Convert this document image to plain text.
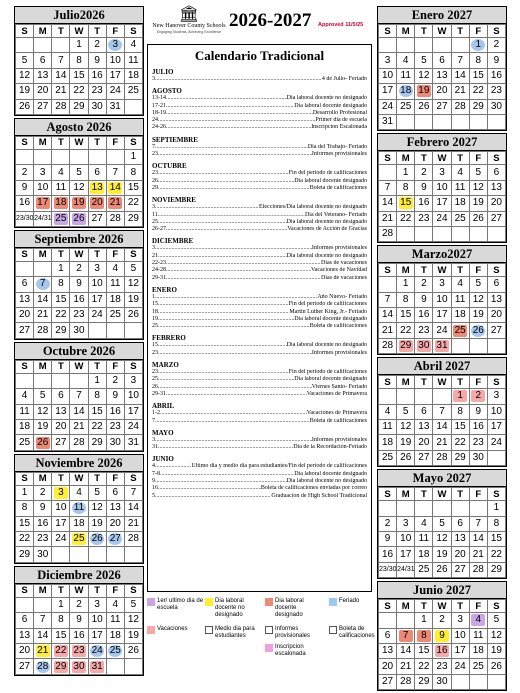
🏛
New Hanover County Schools
Engaging Students, Achieving Excellence
2026-2027 Approved 11/5/25
Julio2026
S	M	T	W	T	F	S
			1	2	3	4
5	6	7	8	9	10	11
12	13	14	15	16	17	18
19	20	21	22	23	24	25
26	27	28	29	30	31	
Agosto 2026
S	M	T	W	T	F	S
						1
2	3	4	5	6	7	8
9	10	11	12	13	14	15
16	17	18	19	20	21	22
23/30	24/31	25	26	27	28	29
Septiembre 2026
S	M	T	W	T	F	S
		1	2	3	4	5
6	7	8	9	10	11	12
13	14	15	16	17	18	19
20	21	22	23	24	25	26
27	28	29	30			
Octubre 2026
S	M	T	W	T	F	S
				1	2	3
4	5	6	7	8	9	10
11	12	13	14	15	16	17
18	19	20	21	22	23	24
25	26	27	28	29	30	31
Noviembre 2026
S	M	T	W	T	F	S
1	2	3	4	5	6	7
8	9	10	11	12	13	14
15	16	17	18	19	20	21
22	23	24	25	26	27	28
29	30					
Diciembre 2026
S	M	T	W	T	F	S
		1	2	3	4	5
6	7	8	9	10	11	12
13	14	15	16	17	18	19
20	21	22	23	24	25	26
27	28	29	30	31		
Enero 2027
S	M	T	W	T	F	S
					1	2
3	4	5	6	7	8	9
10	11	12	13	14	15	16
17	18	19	20	21	22	23
24	25	26	27	28	29	30
31						
Febrero 2027
S	M	T	W	T	F	S
	1	2	3	4	5	6
7	8	9	10	11	12	13
14	15	16	17	18	19	20
21	22	23	24	25	26	27
28						
Marzo2027
S	M	T	W	T	F	S
	1	2	3	4	5	6
7	8	9	10	11	12	13
14	15	16	17	18	19	20
21	22	23	24	25	26	27
28	29	30	31			
Abril 2027
S	M	T	W	T	F	S
				1	2	3
4	5	6	7	8	9	10
11	12	13	14	15	16	17
18	19	20	21	22	23	24
25	26	27	28	29	30	
Mayo 2027
S	M	T	W	T	F	S
						1
2	3	4	5	6	7	8
9	10	11	12	13	14	15
16	17	18	19	20	21	22
23/30	24/31	25	26	27	28	29
Junio 2027
S	M	T	W	T	F	S
		1	2	3	4	5
6	7	8	9	10	11	12
13	14	15	16	17	18	19
20	21	22	23	24	25	26
27	28	29	30			
Calendario Tradicional
JULIO
3 .....	4 de Julio- Feriado
AGOSTO
13-14 .....	Dia laboral docente no designado
17-21 .....	Dia laboral docente designado
18-19 .....	Desarrollo Profesional
24 .....	Primer dia de escuela
24-26 .....	Inscripcion Escalonada
SEPTIEMBRE
7 .....	Dia del Trabajo- Feriado
23 .....	Informes provisionales
OCTUBRE
23 .....	Fin del periodo de calificaciones
26 .....	Dia laboral docente designado
29 .....	Boleta de calificaciones
NOVIEMBRE
3 .....	Elecciones/Dia laboral docente no designado
11 .....	Dia del Veterano- Feriado
25 .....	Dia laboral docente no designado
26-27 .....	Vacaciones de Acción de Gracias
DICIEMBRE
3 .....	Informes provisionales
21 .....	Dia laboral docente no designado
22-23 .....	Dias de vacaciones
24-28 .....	Vacaciones de Navidad
29-31 .....	Dias de vacaciones
ENERO
1 .....	Año Nuevo- Feriado
15 .....	Fin del periodo de calificaciones
18 .....	Martin Luther King, Jr.- Feriado
19 .....	Dia laboral docente designado
25 .....	Boleta de calificaciones
FEBRERO
15 .....	Dia laboral docente no designado
23 .....	Informes provisionales
MARZO
23 .....	Fin del periodo de calificaciones
25 .....	Dia laboral docente designado
26 .....	Viernes Santo- Feriado
29-31 .....	Vacaciones de Primavera
ABRIL
1-2 .....	Vacaciones de Primavera
7 .....	Boleta de calificaciones
MAYO
3 .....	Informes provisionales
31 .....	Dia de la Recordación-Feriado
JUNIO
4 .....	Ultimo dia y medio dia para estudiantes/Fin del periodo de calificaciones
7-8 .....	Dia laboral docente designado
9 .....	Dia laboral docente no designado
16 .....	Boleta de calificaciones enviadas por correo
5 .....	Graduacion de High School Tradicional
1er/ ultimo dia de escuela
Dia laboral docente no designado
Dia laboral docente designado
Feriado
Vacaciones	Medio dia para estudiantes
Informes provisionales
Boleta de calificaciones
Inscripcion escalonada
